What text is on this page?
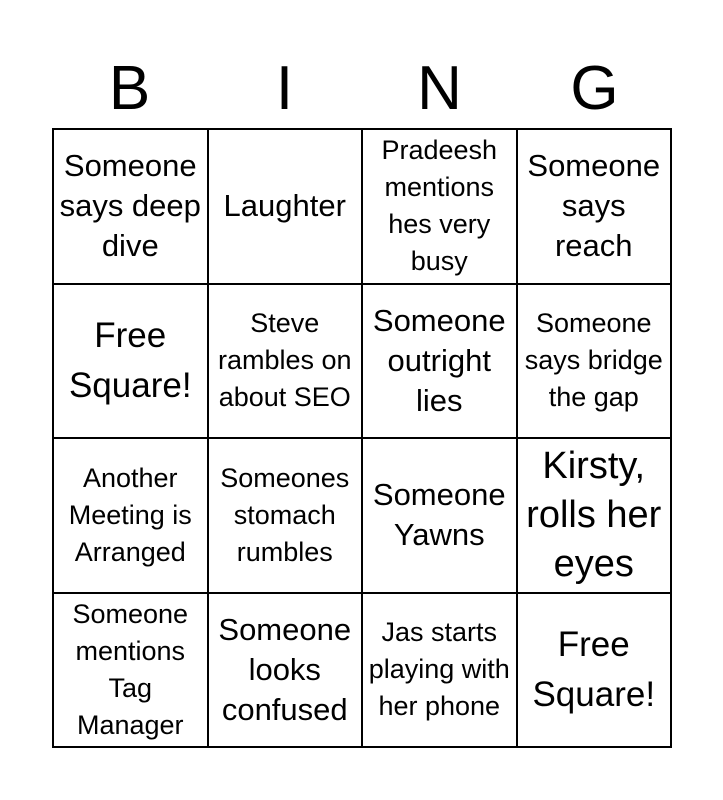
B	I	N	G
Someone says deep dive
Laughter
Pradeesh mentions hes very busy
Someone says reach
Free Square!
Steve rambles on about SEO
Someone outright lies
Someone says bridge the gap
Another Meeting is Arranged
Someones stomach rumbles
Someone Yawns
Kirsty, rolls her eyes
Someone mentions Tag Manager
Someone looks confused
Jas starts playing with her phone
Free Square!
